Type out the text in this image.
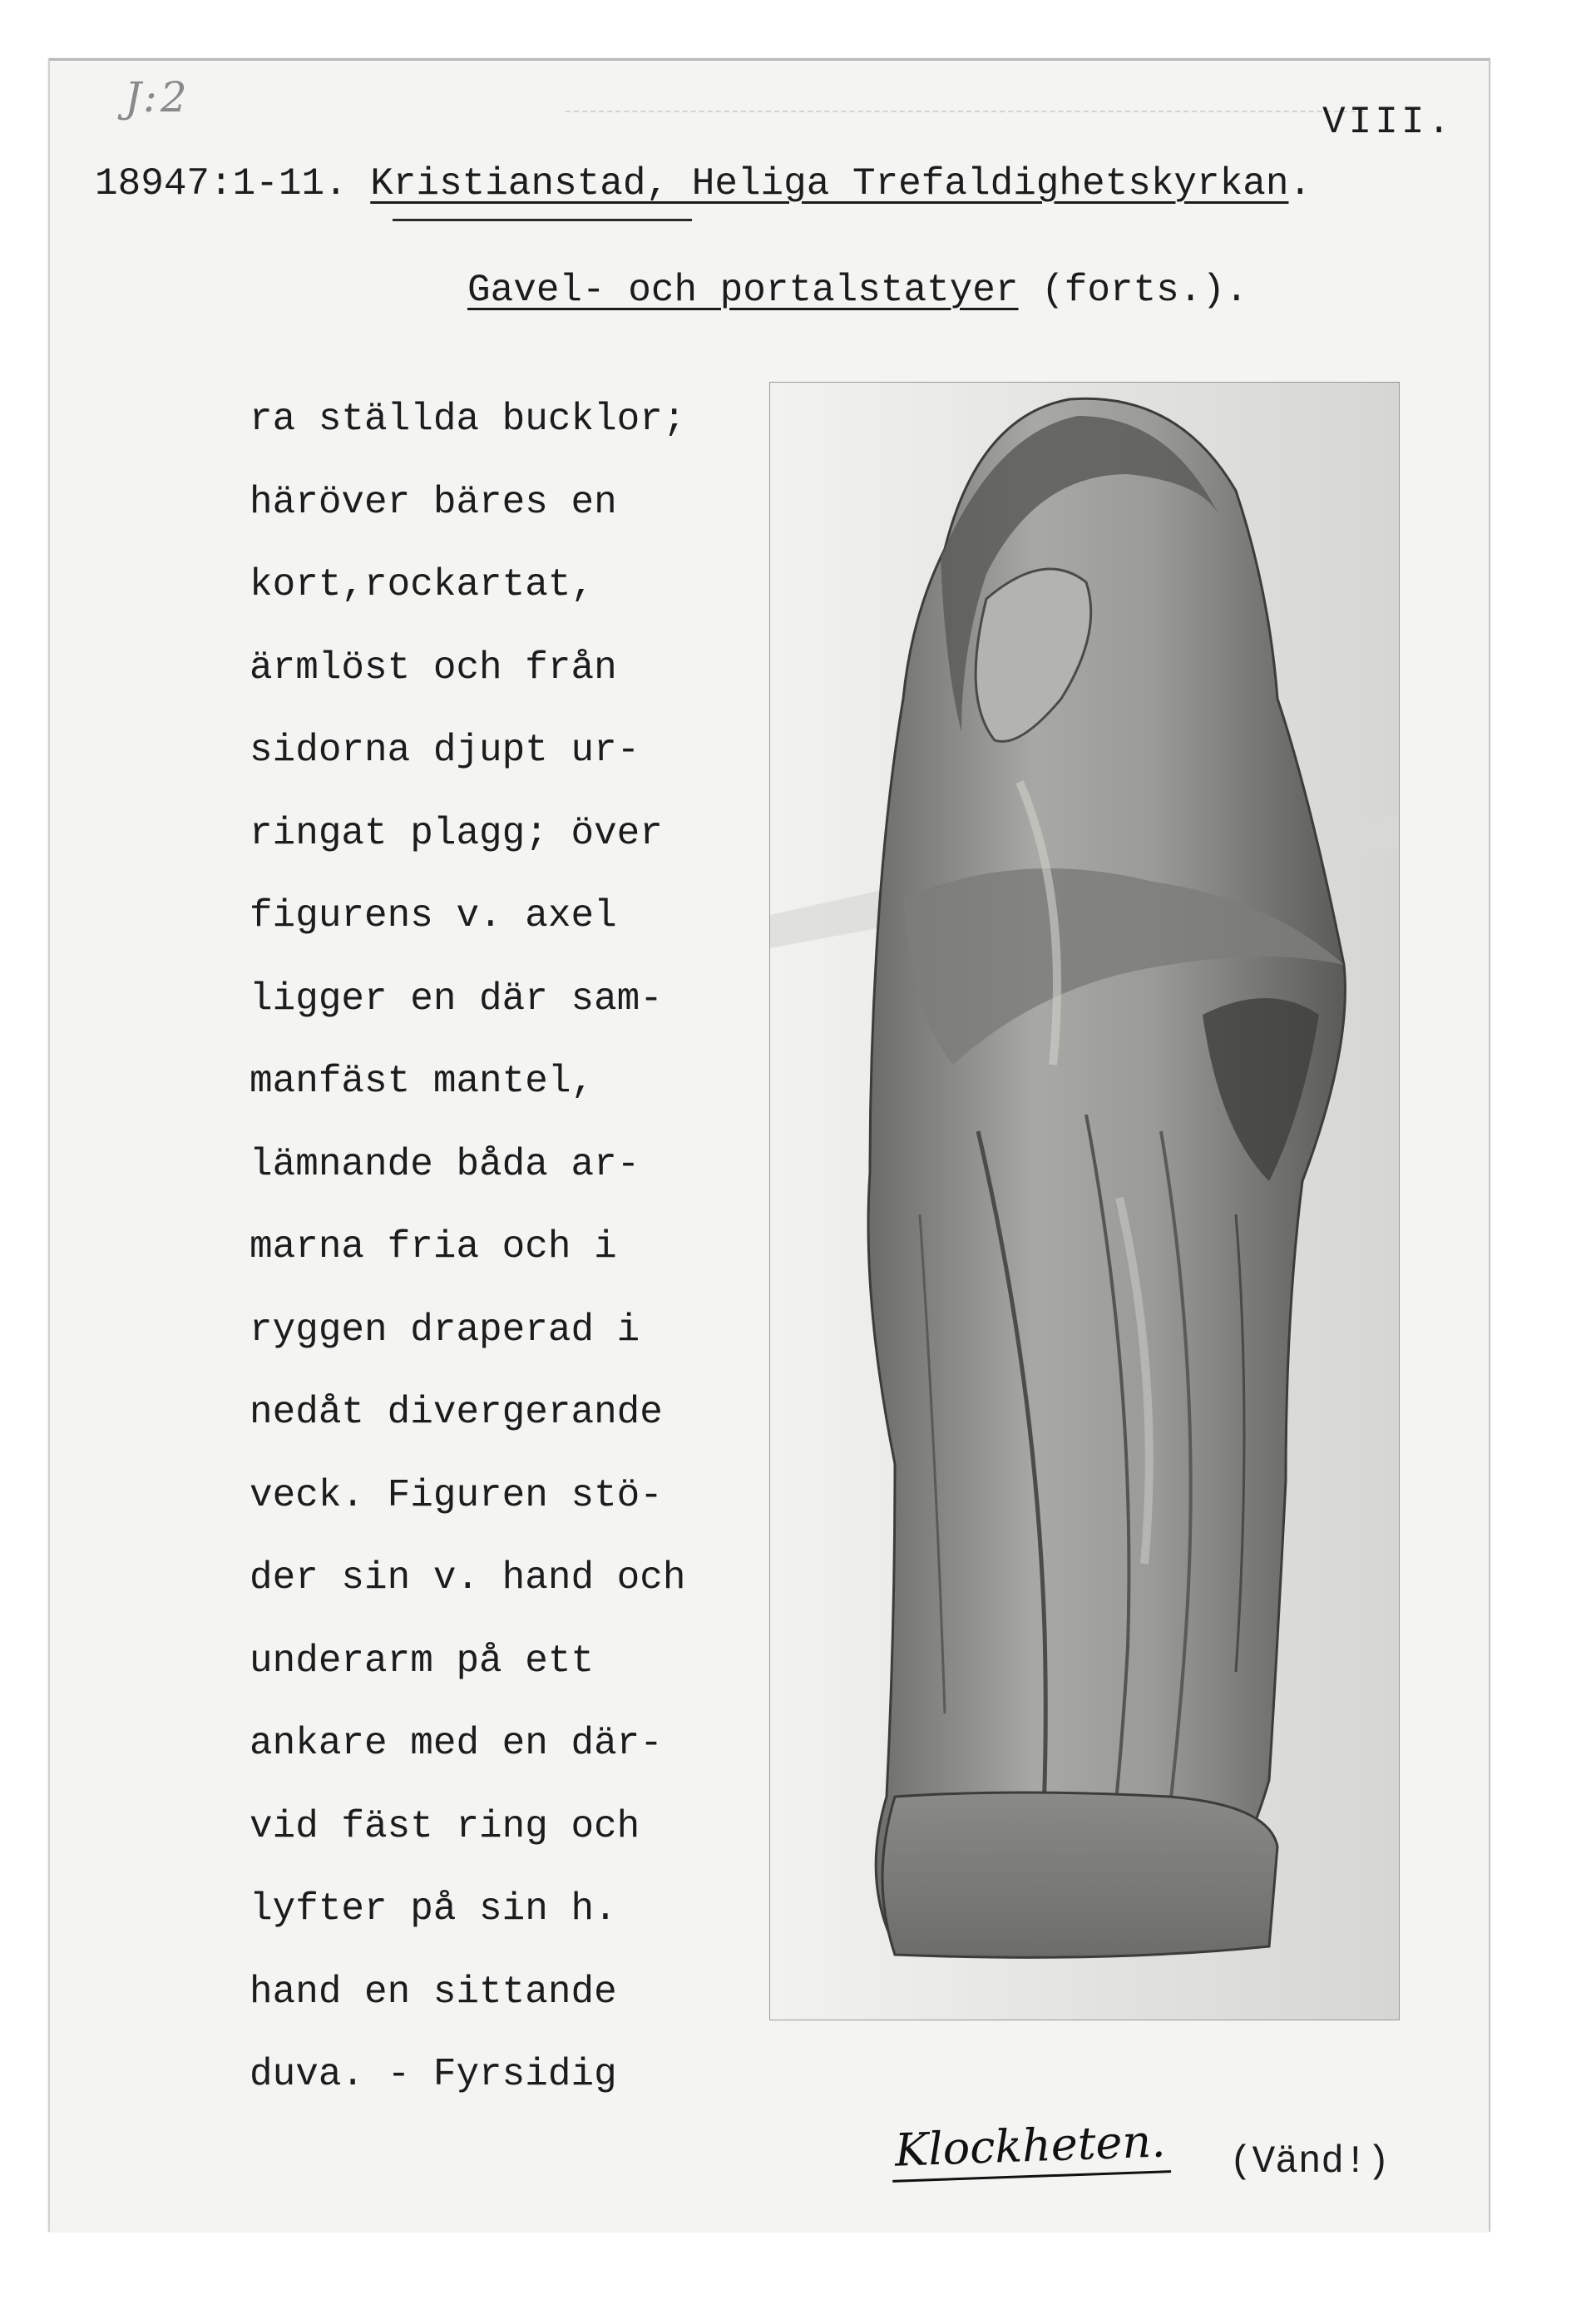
J:2
VIII.
18947:1-11. Kristianstad, Heliga Trefaldighetskyrkan.
Gavel- och portalstatyer (forts.).
ra ställda bucklor;
häröver bäres en
kort,rockartat,
ärmlöst och från
sidorna djupt ur-
ringat plagg; över
figurens v. axel
ligger en där sam-
manfäst mantel,
lämnande båda ar-
marna fria och i
ryggen draperad i
nedåt divergerande
veck. Figuren stö-
der sin v. hand och
underarm på ett
ankare med en där-
vid fäst ring och
lyfter på sin h.
hand en sittande
duva. - Fyrsidig
Klockheten. (Vänd!)
